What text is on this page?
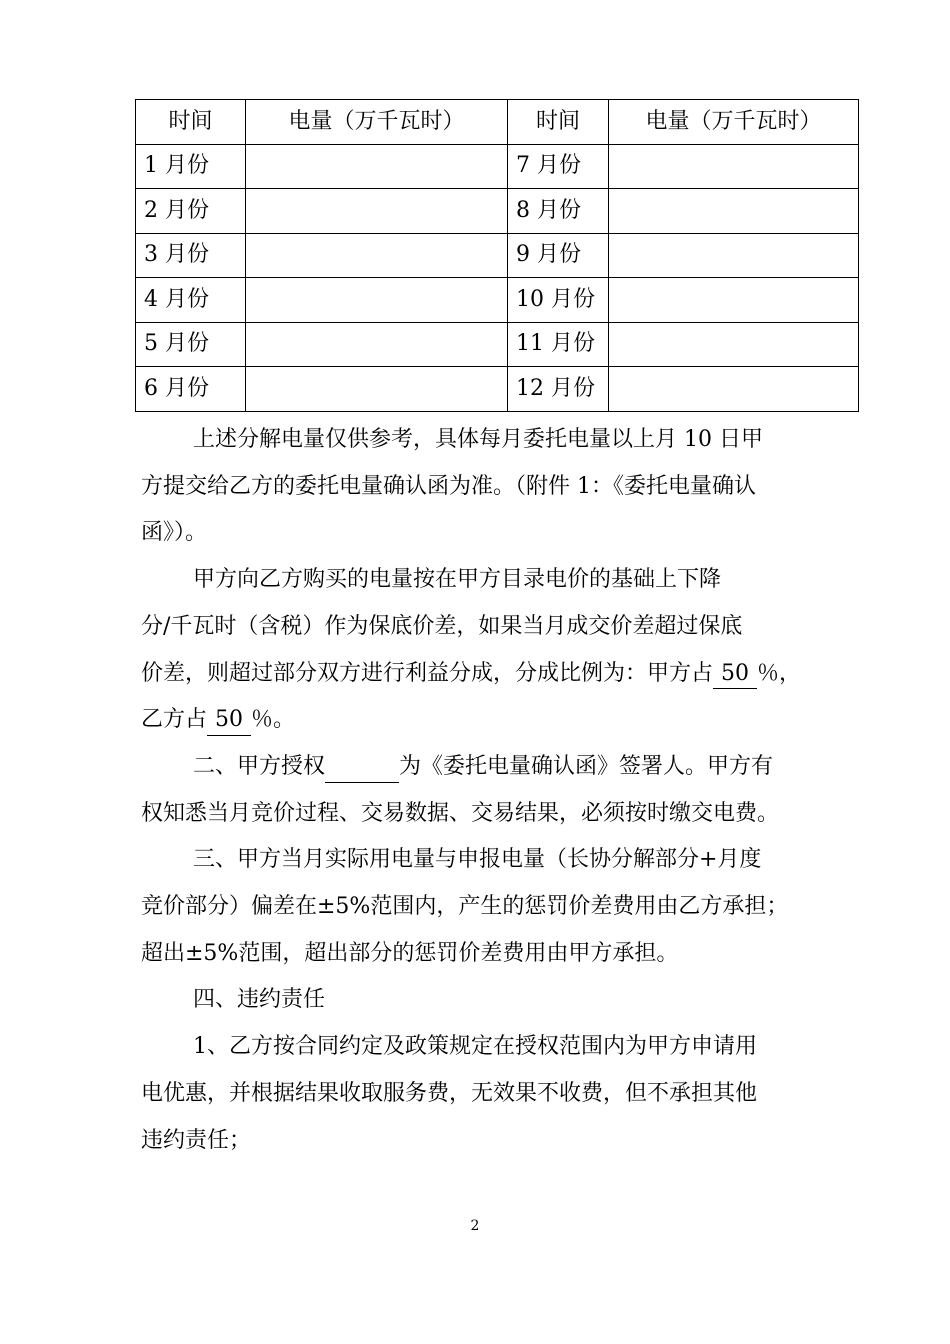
时间	电量（万千瓦时）	时间	电量（万千瓦时）
1 月份		7 月份	
2 月份		8 月份	
3 月份		9 月份	
4 月份		10 月份	
5 月份		11 月份	
6 月份		12 月份	

上述分解电量仅供参考，具体每月委托电量以上月 10 日甲

方提交给乙方的委托电量确认函为准。（附件 1：《委托电量确认

函》）。

甲方向乙方购买的电量按在甲方目录电价的基础上下降

分/千瓦时（含税）作为保底价差，如果当月成交价差超过保底

价差，则超过部分双方进行利益分成，分成比例为：甲方占 50 ％，

乙方占 50 ％。

二、甲方授权	为《委托电量确认函》签署人。甲方有

权知悉当月竞价过程、交易数据、交易结果，必须按时缴交电费。

三、甲方当月实际用电量与申报电量（长协分解部分+月度

竞价部分）偏差在±5%范围内，产生的惩罚价差费用由乙方承担；

超出±5%范围，超出部分的惩罚价差费用由甲方承担。

四、违约责任

1、乙方按合同约定及政策规定在授权范围内为甲方申请用

电优惠，并根据结果收取服务费，无效果不收费，但不承担其他

违约责任；

2
